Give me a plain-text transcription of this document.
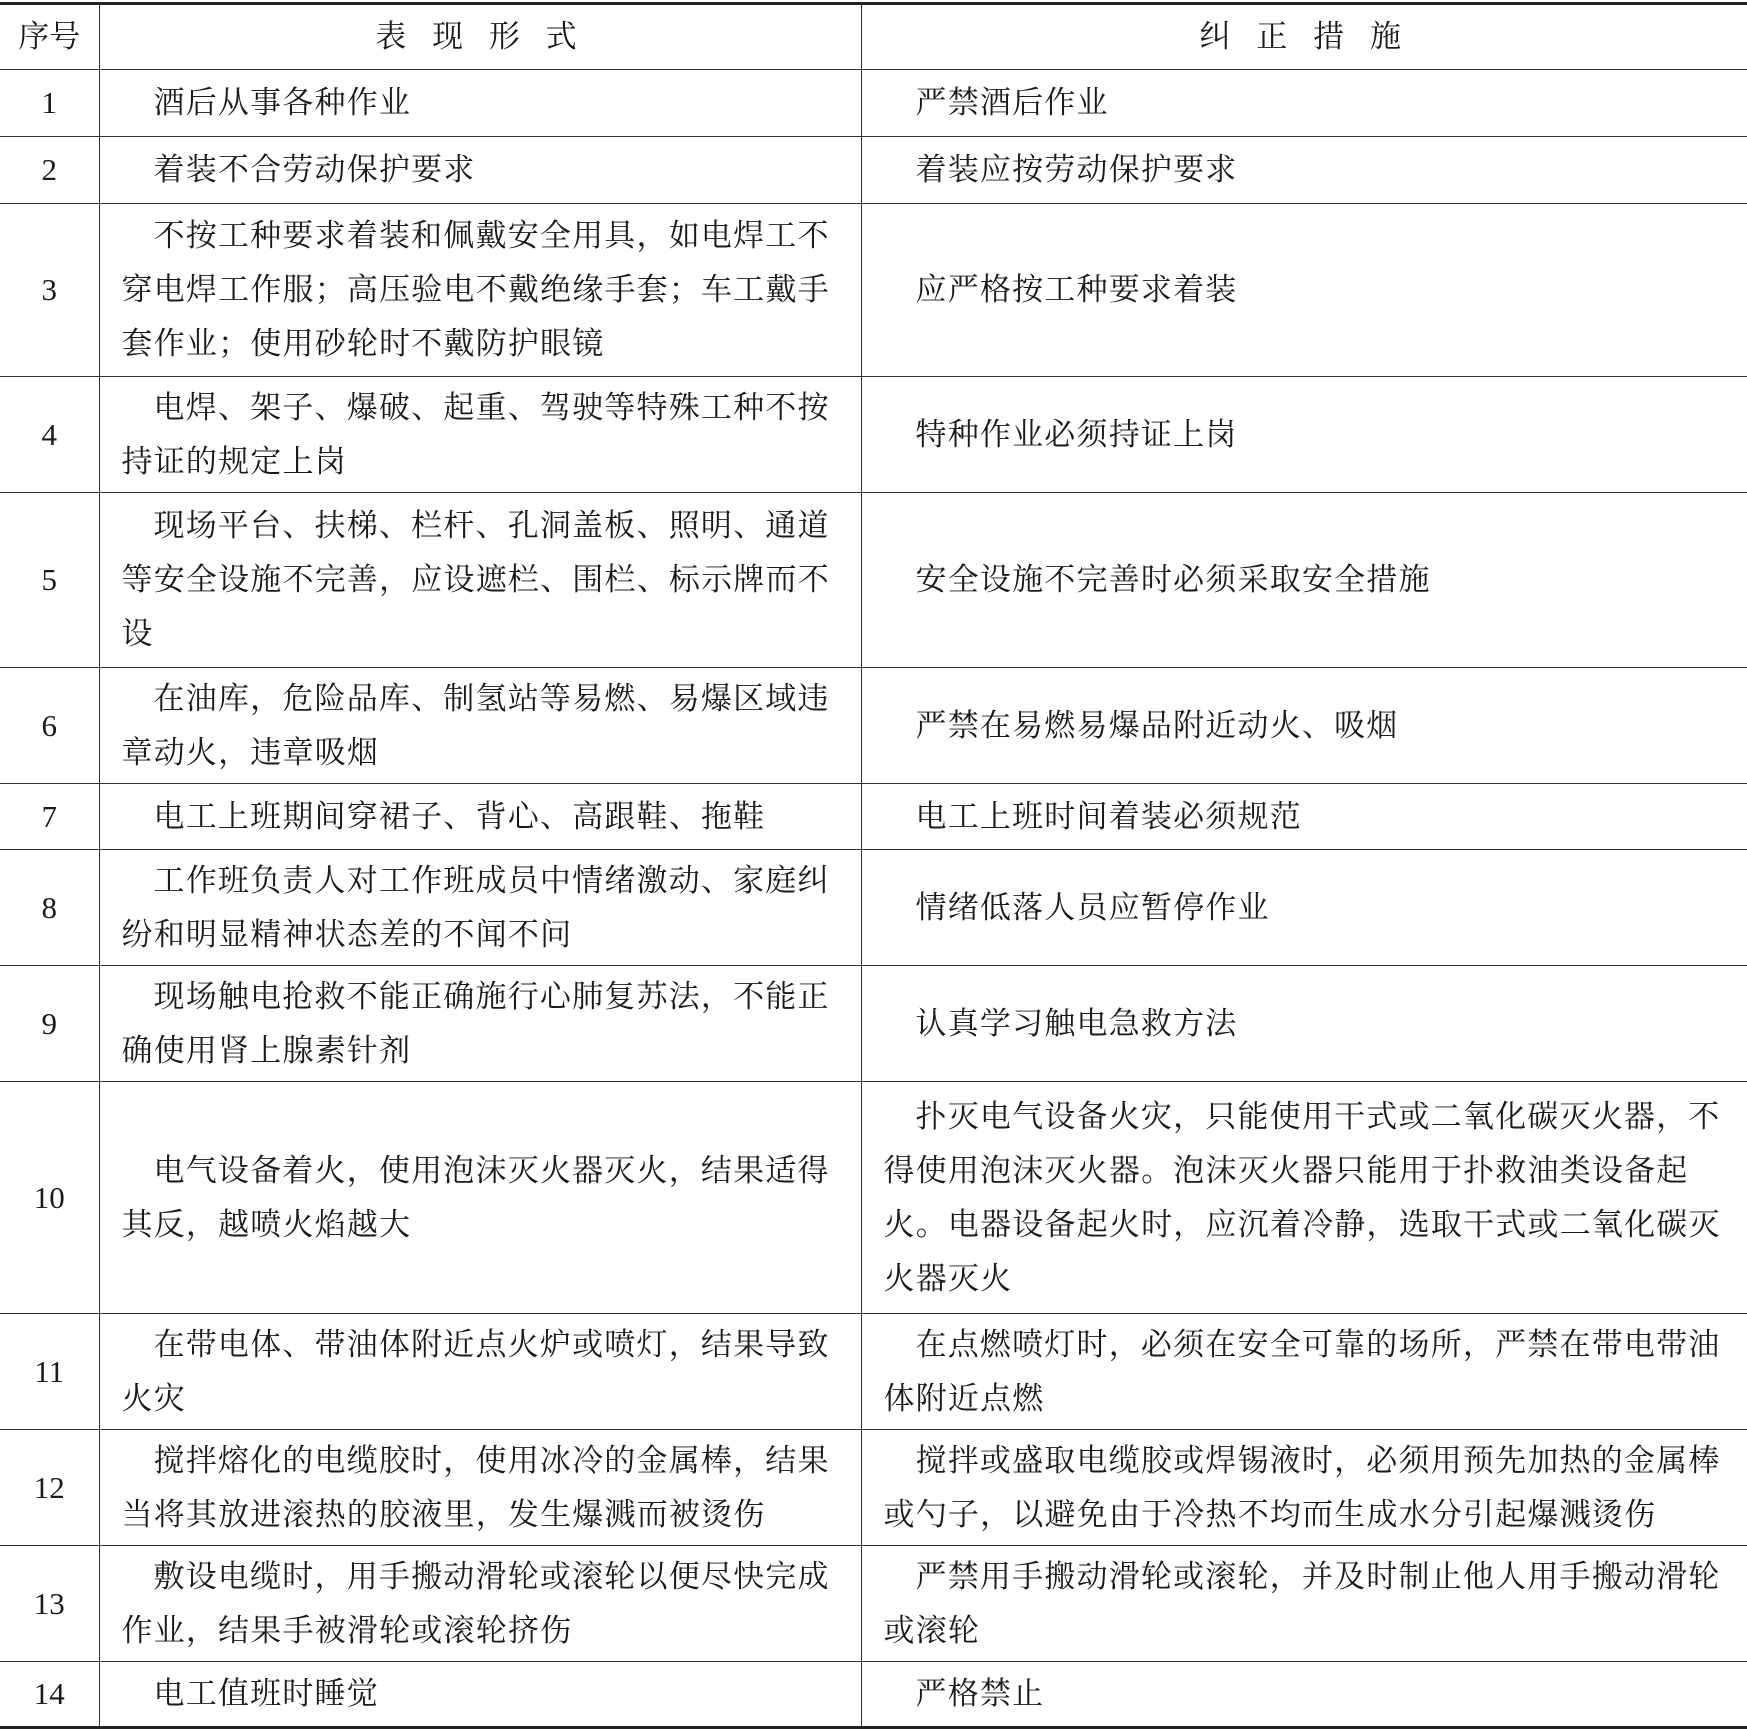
序号	表 现 形 式	纠 正 措 施
1	酒后从事各种作业	严禁酒后作业
2	着装不合劳动保护要求	着装应按劳动保护要求
3	不按工种要求着装和佩戴安全用具，如电焊工不穿电焊工作服；高压验电不戴绝缘手套；车工戴手套作业；使用砂轮时不戴防护眼镜	应严格按工种要求着装
4	电焊、架子、爆破、起重、驾驶等特殊工种不按持证的规定上岗	特种作业必须持证上岗
5	现场平台、扶梯、栏杆、孔洞盖板、照明、通道等安全设施不完善，应设遮栏、围栏、标示牌而不设	安全设施不完善时必须采取安全措施
6	在油库，危险品库、制氢站等易燃、易爆区域违章动火，违章吸烟	严禁在易燃易爆品附近动火、吸烟
7	电工上班期间穿裙子、背心、高跟鞋、拖鞋	电工上班时间着装必须规范
8	工作班负责人对工作班成员中情绪激动、家庭纠纷和明显精神状态差的不闻不问	情绪低落人员应暂停作业
9	现场触电抢救不能正确施行心肺复苏法，不能正确使用肾上腺素针剂	认真学习触电急救方法
10	电气设备着火，使用泡沫灭火器灭火，结果适得其反，越喷火焰越大	扑灭电气设备火灾，只能使用干式或二氧化碳灭火器，不得使用泡沫灭火器。泡沫灭火器只能用于扑救油类设备起火。电器设备起火时，应沉着冷静，选取干式或二氧化碳灭火器灭火
11	在带电体、带油体附近点火炉或喷灯，结果导致火灾	在点燃喷灯时，必须在安全可靠的场所，严禁在带电带油体附近点燃
12	搅拌熔化的电缆胶时，使用冰冷的金属棒，结果当将其放进滚热的胶液里，发生爆溅而被烫伤	搅拌或盛取电缆胶或焊锡液时，必须用预先加热的金属棒或勺子，以避免由于冷热不均而生成水分引起爆溅烫伤
13	敷设电缆时，用手搬动滑轮或滚轮以便尽快完成作业，结果手被滑轮或滚轮挤伤	严禁用手搬动滑轮或滚轮，并及时制止他人用手搬动滑轮或滚轮
14	电工值班时睡觉	严格禁止
